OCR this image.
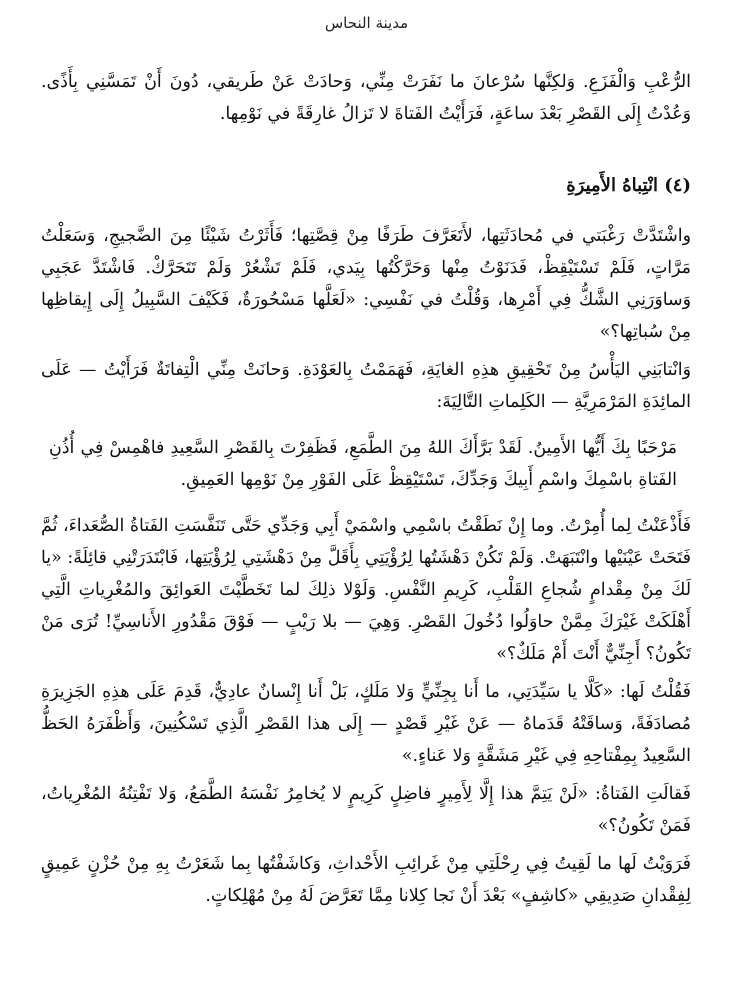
مدينة النحاس

الرُّعْبِ وَالْفَزَعِ. وَلكِنَّها سُرْعانَ ما نَفَرَتْ مِنِّي، وَحادَتْ عَنْ طَريقي، دُونَ أَنْ تَمَسَّنِي بِأَذًى. وَعُدْتُ إِلَى القَصْرِ بَعْدَ ساعَةٍ، فَرَأَيْتُ الفَتاةَ لا تَزالُ غارِقَةً في نَوْمِها.

(٤) انْتِباهُ الأَمِيرَةِ

واشْتَدَّتْ رَغْبَتي في مُحادَثَتِها، لأَتَعَرَّفَ طَرَفًا مِنْ قِصَّتِها؛ فَأَثَرْتُ شَيْئًا مِنَ الضَّجيجِ، وَسَعَلْتُ مَرَّاتٍ، فَلَمْ تَسْتَيْقِظْ، فَدَنَوْتُ مِنْها وَحَرَّكْتُها بِيَدي، فَلَمْ تَشْعُرْ وَلَمْ تَتَحَرَّكْ. فَاشْتَدَّ عَجَبِي وَساوَرَنِي الشَّكُّ فِي أَمْرِها، وَقُلْتُ في نَفْسِي: «لَعَلَّها مَسْحُورَةٌ، فَكَيْفَ السَّبِيلُ إِلَى إِيقاظِها مِنْ سُباتِها؟»

وَانْتابَنِي اليَأْسُ مِنْ تَحْقِيقِ هذِهِ الغايَةِ، فَهَمَمْتُ بِالعَوْدَةِ. وَحانَتْ مِنِّي الْتِفاتَةٌ فَرَأَيْتُ — عَلَى المائِدَةِ المَرْمَرِيَّةِ — الكَلِماتِ التَّالِيَةَ:

مَرْحَبًا بِكَ أَيُّها الأَمِينُ. لَقَدْ بَرَّأَكَ اللهُ مِنَ الطَّمَعِ، فَظَفِرْتَ بِالقَصْرِ السَّعِيدِ فاهْمِسْ فِي أُذُنِ الفَتاةِ باسْمِكَ واسْمِ أَبِيكَ وَجَدِّكَ، تَسْتَيْقِظْ عَلَى الفَوْرِ مِنْ نَوْمِها العَمِيقِ.

فَأَذْعَنْتُ لِما أُمِرْتُ. وما إِنْ نَطَقْتُ باسْمِي واسْمَيْ أَبِي وَجَدِّي حَتَّى تَنَفَّسَتِ الفَتاةُ الصُّعَداءَ، ثُمَّ فَتَحَتْ عَيْنَيْها وانْتَبَهَتْ. وَلَمْ تَكُنْ دَهْشَتُها لِرُؤْيَتِي بِأَقَلَّ مِنْ دَهْشَتِي لِرُؤْيَتِها، فَابْتَدَرَتْنِي قائِلَةً: «يا لَكَ مِنْ مِقْدامٍ شُجاعِ القَلْبِ، كَرِيمِ النَّفْسِ. وَلَوْلا ذلِكَ لما تَخَطَّيْتَ العَوائِقَ والمُغْرِياتِ الَّتِي أَهْلَكَتْ غَيْرَكَ مِمَّنْ حاوَلُوا دُخُولَ القَصْرِ. وَهِيَ — بلا رَيْبٍ — فَوْقَ مَقْدُورِ الأَناسِيِّ! تُرَى مَنْ تَكُونُ؟ أَجِنِّيٌّ أَنْتَ أَمْ مَلَكٌ؟»

فَقُلْتُ لَها: «كَلَّا يا سَيِّدَتِي، ما أَنا بِجِنِّيٍّ وَلا مَلَكٍ، بَلْ أَنا إِنْسانٌ عادِيٌّ، قَدِمَ عَلَى هذِهِ الجَزِيرَةِ مُصادَفَةً، وَساقَتْهُ قَدَماهُ — عَنْ غَيْرِ قَصْدٍ — إِلَى هذا القَصْرِ الَّذِي تَسْكُنِينَ، وَأَظْفَرَهُ الحَظُّ السَّعِيدُ بِمِفْتاحِهِ فِي غَيْرِ مَشَقَّةٍ وَلا عَناءٍ.»

فَقالَتِ الفَتاةُ: «لَنْ يَتِمَّ هذا إِلَّا لِأَمِيرٍ فاضِلٍ كَرِيمٍ لا يُخامِرُ نَفْسَهُ الطَّمَعُ، وَلا تَفْتِنُهُ المُغْرِياتُ، فَمَنْ تَكُونُ؟»

فَرَوَيْتُ لَها ما لَقِيتُ فِي رِحْلَتِي مِنْ غَرائِبِ الأَحْداثِ، وَكاشَفْتُها بِما شَعَرْتُ بِهِ مِنْ حُزْنٍ عَمِيقٍ لِفِقْدانِ صَدِيقِي «كاشِفٍ» بَعْدَ أَنْ نَجا كِلانا مِمَّا تَعَرَّضَ لَهُ مِنْ مُهْلِكاتٍ.
